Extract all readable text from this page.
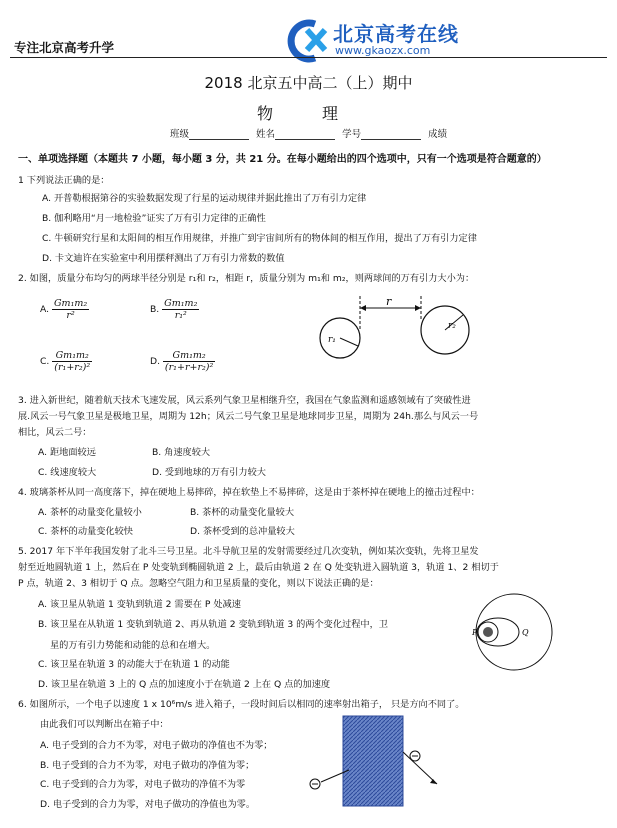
专注北京高考升学
北京高考在线
www.gkaozx.com
2018 北京五中高二（上）期中
物 理
班级	姓名	学号	成绩
一、单项选择题（本题共 7 小题，每小题 3 分，共 21 分。在每小题给出的四个选项中，只有一个选项是符合题意的）
1 下列说法正确的是：
A. 开普勒根据第谷的实验数据发现了行星的运动规律并据此推出了万有引力定律
B. 伽利略用“月一地检验”证实了万有引力定律的正确性
C. 牛顿研究行星和太阳间的相互作用规律，并推广到宇宙间所有的物体间的相互作用，提出了万有引力定律
D. 卡文迪许在实验室中利用摆秤测出了万有引力常数的数值
2. 如图，质量分布均匀的两球半径分别是 r₁和 r₂，相距 r，质量分别为 m₁和 m₂，则两球间的万有引力大小为：
A. $\frac{\text{Gm₁m₂}}{\text{r²}}$	B. $\frac{\text{Gm₁m₂}}{\text{r₁²}}$
C. $\frac{\text{Gm₁m₂}}{\text{(r₁+r₂)²}}$	D. $\frac{\text{Gm₁m₂}}{\text{(r₁+r+r₂)²}}$
r
r₁
r₂
3. 进入新世纪，随着航天技术飞速发展，风云系列气象卫星相继升空，我国在气象监测和遥感领域有了突破性进
展.风云一号气象卫星是极地卫星，周期为 12h；风云二号气象卫星是地球同步卫星，周期为 24h.那么与风云一号
相比，风云二号：
A. 距地面较远	B. 角速度较大
C. 线速度较大	D. 受到地球的万有引力较大
4. 玻璃茶杯从同一高度落下，掉在硬地上易摔碎，掉在软垫上不易摔碎，这是由于茶杯掉在硬地上的撞击过程中：
A. 茶杯的动量变化量较小	B. 茶杯的动量变化量较大
C. 茶杯的动量变化较快	D. 茶杯受到的总冲量较大
5. 2017 年下半年我国发射了北斗三号卫星。北斗导航卫星的发射需要经过几次变轨，例如某次变轨，先将卫星发
射至近地圆轨道 1 上，然后在 P 处变轨到椭圆轨道 2 上，最后由轨道 2 在 Q 处变轨进入圆轨道 3，轨道 1、2 相切于
P 点，轨道 2、3 相切于 Q 点。忽略空气阻力和卫星质量的变化，则以下说法正确的是：
A. 该卫星从轨道 1 变轨到轨道 2 需要在 P 处减速
B. 该卫星在从轨道 1 变轨到轨道 2、再从轨道 2 变轨到轨道 3 的两个变化过程中，卫
星的万有引力势能和动能的总和在增大。
C. 该卫星在轨道 3 的动能大于在轨道 1 的动能
D. 该卫星在轨道 3 上的 Q 点的加速度小于在轨道 2 上在 Q 点的加速度
P	Q
6. 如图所示，一个电子以速度 1 x 10⁶m/s 进入箱子，一段时间后以相同的速率射出箱子， 只是方向不同了。
由此我们可以判断出在箱子中：
A. 电子受到的合力不为零，对电子做功的净值也不为零；
B. 电子受到的合力不为零，对电子做功的净值为零；
C. 电子受到的合力为零，对电子做功的净值不为零
D. 电子受到的合力为零，对电子做功的净值也为零。
